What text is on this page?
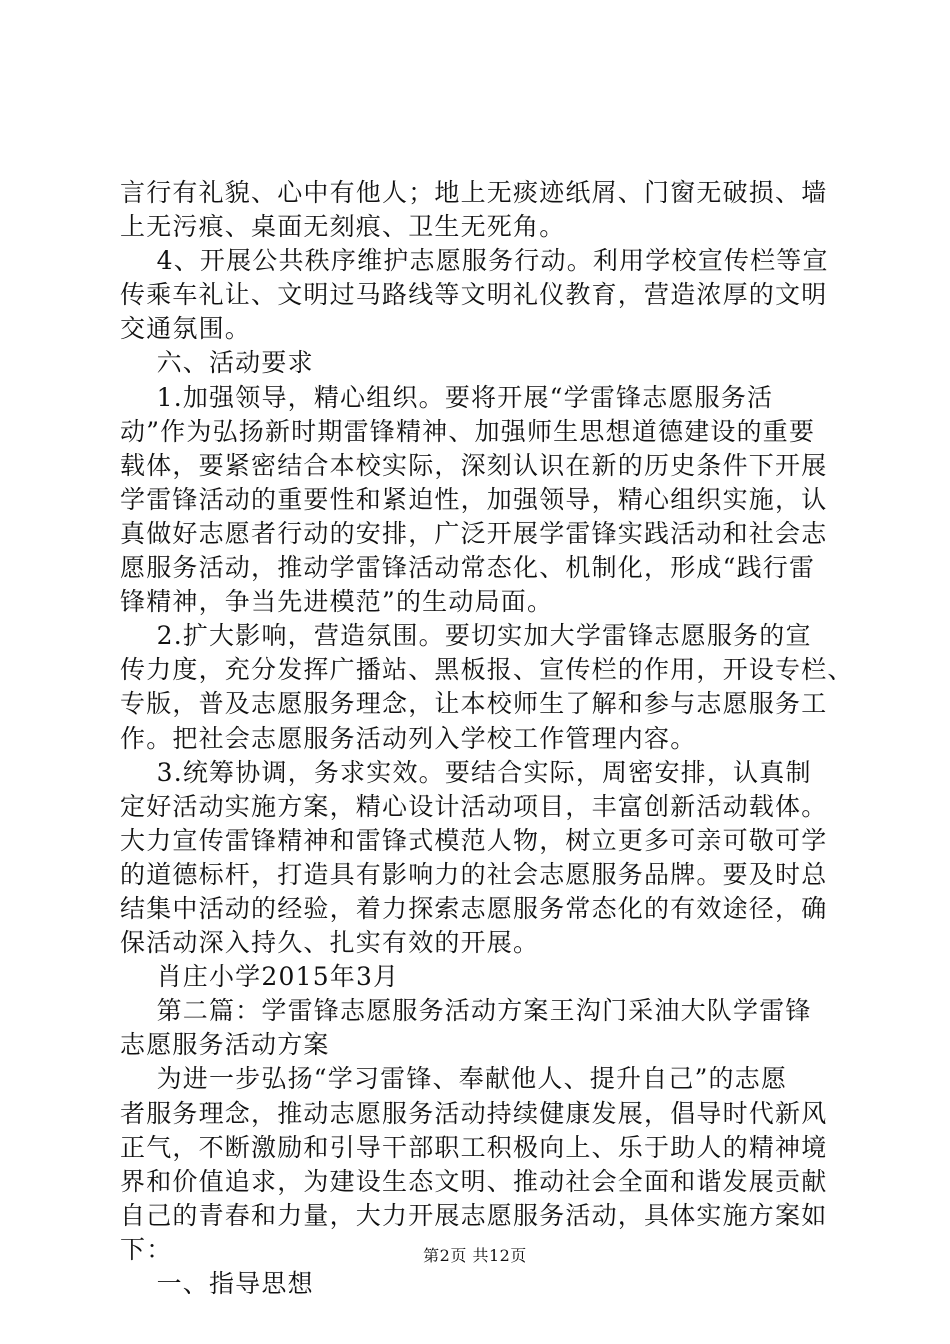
言行有礼貌、心中有他人；地上无痰迹纸屑、门窗无破损、墙
上无污痕、桌面无刻痕、卫生无死角。
4、开展公共秩序维护志愿服务行动。利用学校宣传栏等宣
传乘车礼让、文明过马路线等文明礼仪教育，营造浓厚的文明
交通氛围。
六、活动要求
1.加强领导，精心组织。要将开展“学雷锋志愿服务活
动”作为弘扬新时期雷锋精神、加强师生思想道德建设的重要
载体，要紧密结合本校实际，深刻认识在新的历史条件下开展
学雷锋活动的重要性和紧迫性，加强领导，精心组织实施，认
真做好志愿者行动的安排，广泛开展学雷锋实践活动和社会志
愿服务活动，推动学雷锋活动常态化、机制化，形成“践行雷
锋精神，争当先进模范”的生动局面。
2.扩大影响，营造氛围。要切实加大学雷锋志愿服务的宣
传力度，充分发挥广播站、黑板报、宣传栏的作用，开设专栏、
专版，普及志愿服务理念，让本校师生了解和参与志愿服务工
作。把社会志愿服务活动列入学校工作管理内容。
3.统筹协调，务求实效。要结合实际，周密安排，认真制
定好活动实施方案，精心设计活动项目，丰富创新活动载体。
大力宣传雷锋精神和雷锋式模范人物，树立更多可亲可敬可学
的道德标杆，打造具有影响力的社会志愿服务品牌。要及时总
结集中活动的经验，着力探索志愿服务常态化的有效途径，确
保活动深入持久、扎实有效的开展。
肖庄小学2015年3月
第二篇：学雷锋志愿服务活动方案王沟门采油大队学雷锋
志愿服务活动方案
为进一步弘扬“学习雷锋、奉献他人、提升自己”的志愿
者服务理念，推动志愿服务活动持续健康发展，倡导时代新风
正气，不断激励和引导干部职工积极向上、乐于助人的精神境
界和价值追求，为建设生态文明、推动社会全面和谐发展贡献
自己的青春和力量，大力开展志愿服务活动，具体实施方案如
下：
一、指导思想
第2页 共12页
